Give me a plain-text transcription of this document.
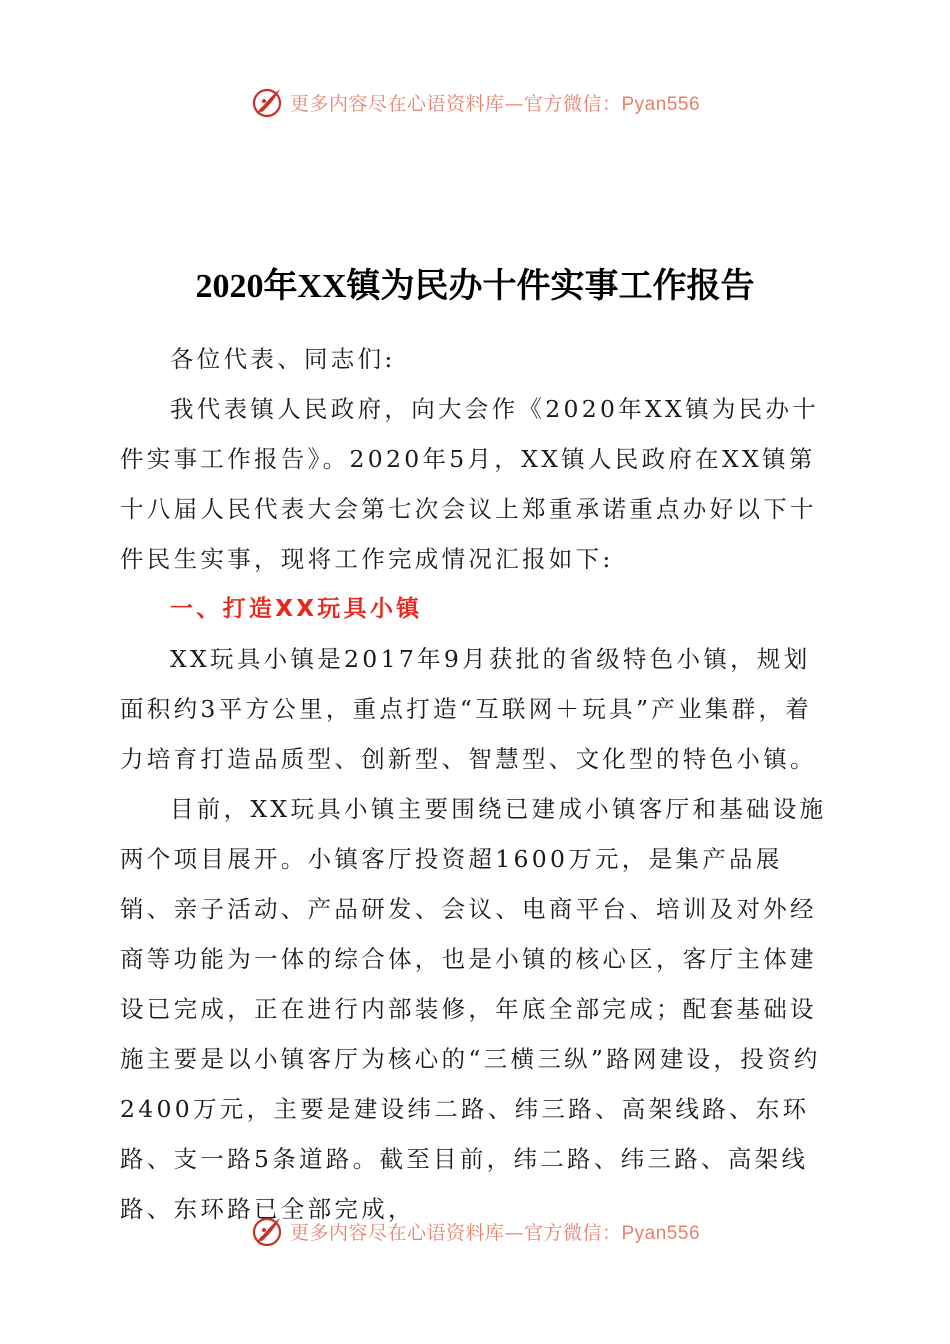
更多内容尽在心语资料库—官方微信：Pyan556
2020年XX镇为民办十件实事工作报告

各位代表、同志们:

我代表镇人民政府，向大会作《2020年XX镇为民办十件实事工作报告》。2020年5月，XX镇人民政府在XX镇第十八届人民代表大会第七次会议上郑重承诺重点办好以下十件民生实事，现将工作完成情况汇报如下:

一、打造XX玩具小镇

XX玩具小镇是2017年9月获批的省级特色小镇，规划面积约3平方公里，重点打造“互联网＋玩具”产业集群，着力培育打造品质型、创新型、智慧型、文化型的特色小镇。

目前，XX玩具小镇主要围绕已建成小镇客厅和基础设施两个项目展开。小镇客厅投资超1600万元，是集产品展销、亲子活动、产品研发、会议、电商平台、培训及对外经商等功能为一体的综合体，也是小镇的核心区，客厅主体建设已完成，正在进行内部装修，年底全部完成；配套基础设施主要是以小镇客厅为核心的“三横三纵”路网建设，投资约2400万元，主要是建设纬二路、纬三路、高架线路、东环路、支一路5条道路。截至目前，纬二路、纬三路、高架线路、东环路已全部完成，

更多内容尽在心语资料库—官方微信：Pyan556
